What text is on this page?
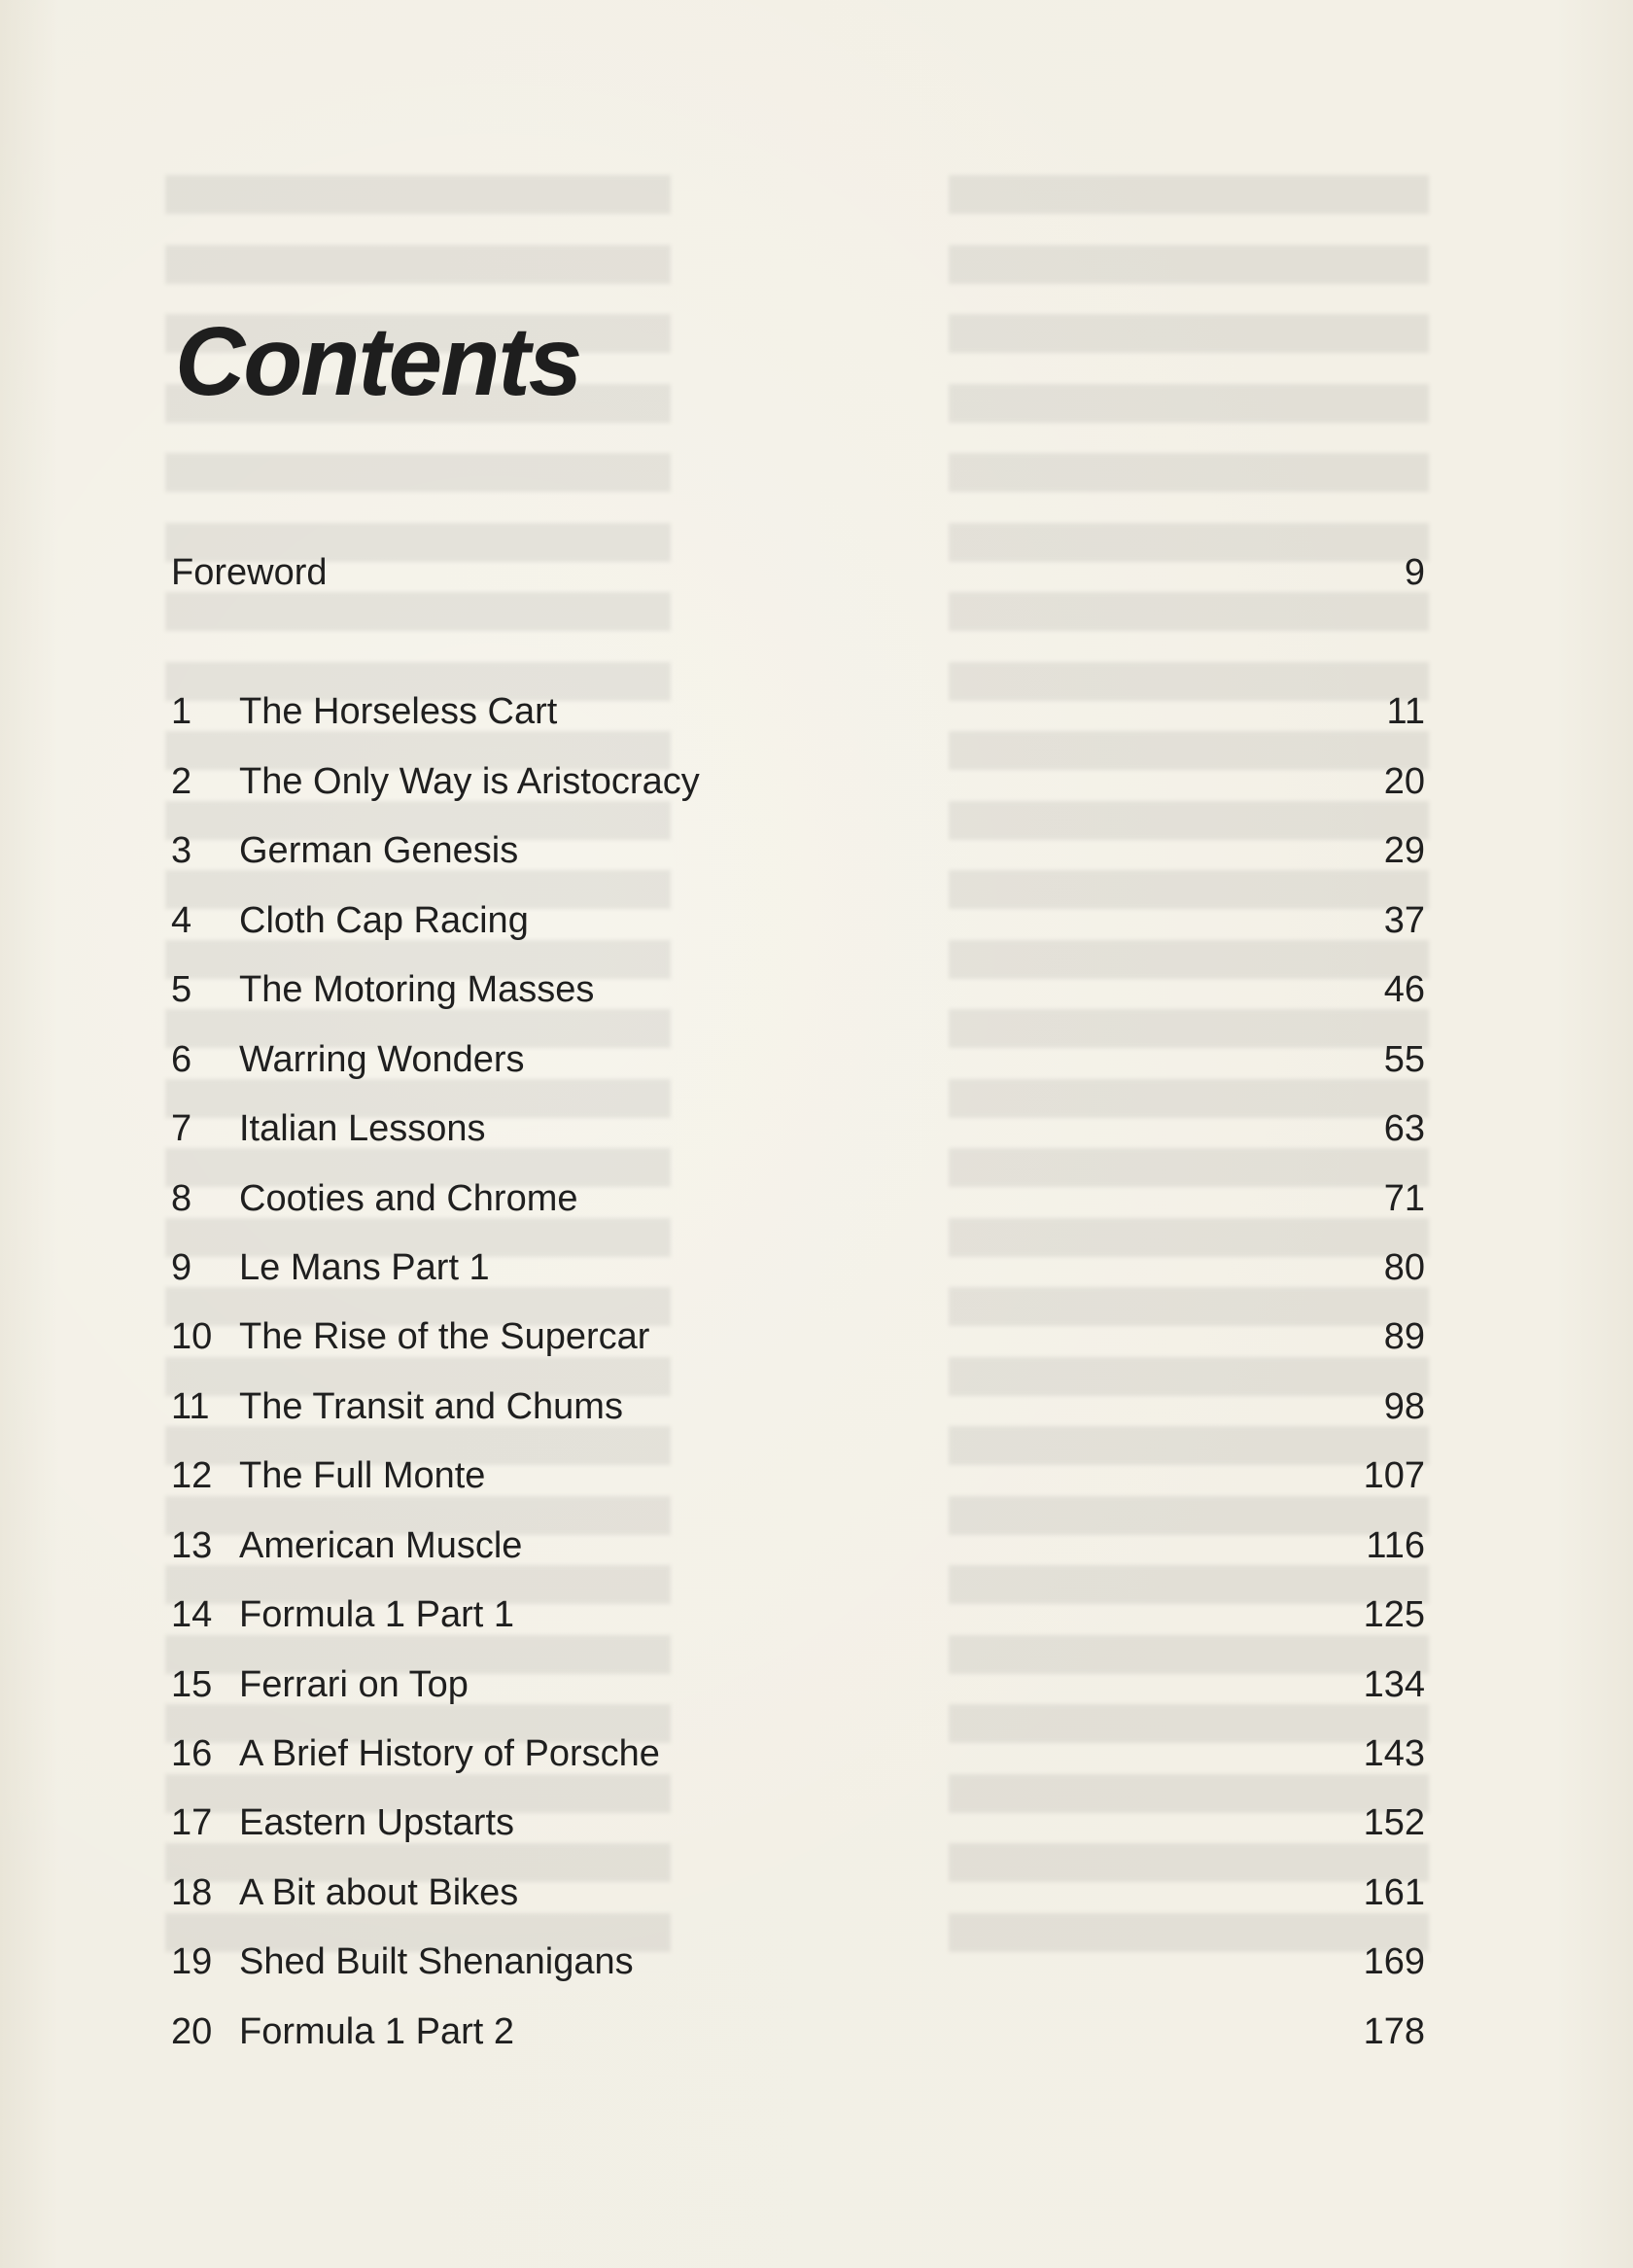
Contents
Foreword	9
1 The Horseless Cart	11
2 The Only Way is Aristocracy	20
3 German Genesis	29
4 Cloth Cap Racing	37
5 The Motoring Masses	46
6 Warring Wonders	55
7 Italian Lessons	63
8 Cooties and Chrome	71
9 Le Mans Part 1	80
10 The Rise of the Supercar	89
11 The Transit and Chums	98
12 The Full Monte	107
13 American Muscle	116
14 Formula 1 Part 1	125
15 Ferrari on Top	134
16 A Brief History of Porsche	143
17 Eastern Upstarts	152
18 A Bit about Bikes	161
19 Shed Built Shenanigans	169
20 Formula 1 Part 2	178
